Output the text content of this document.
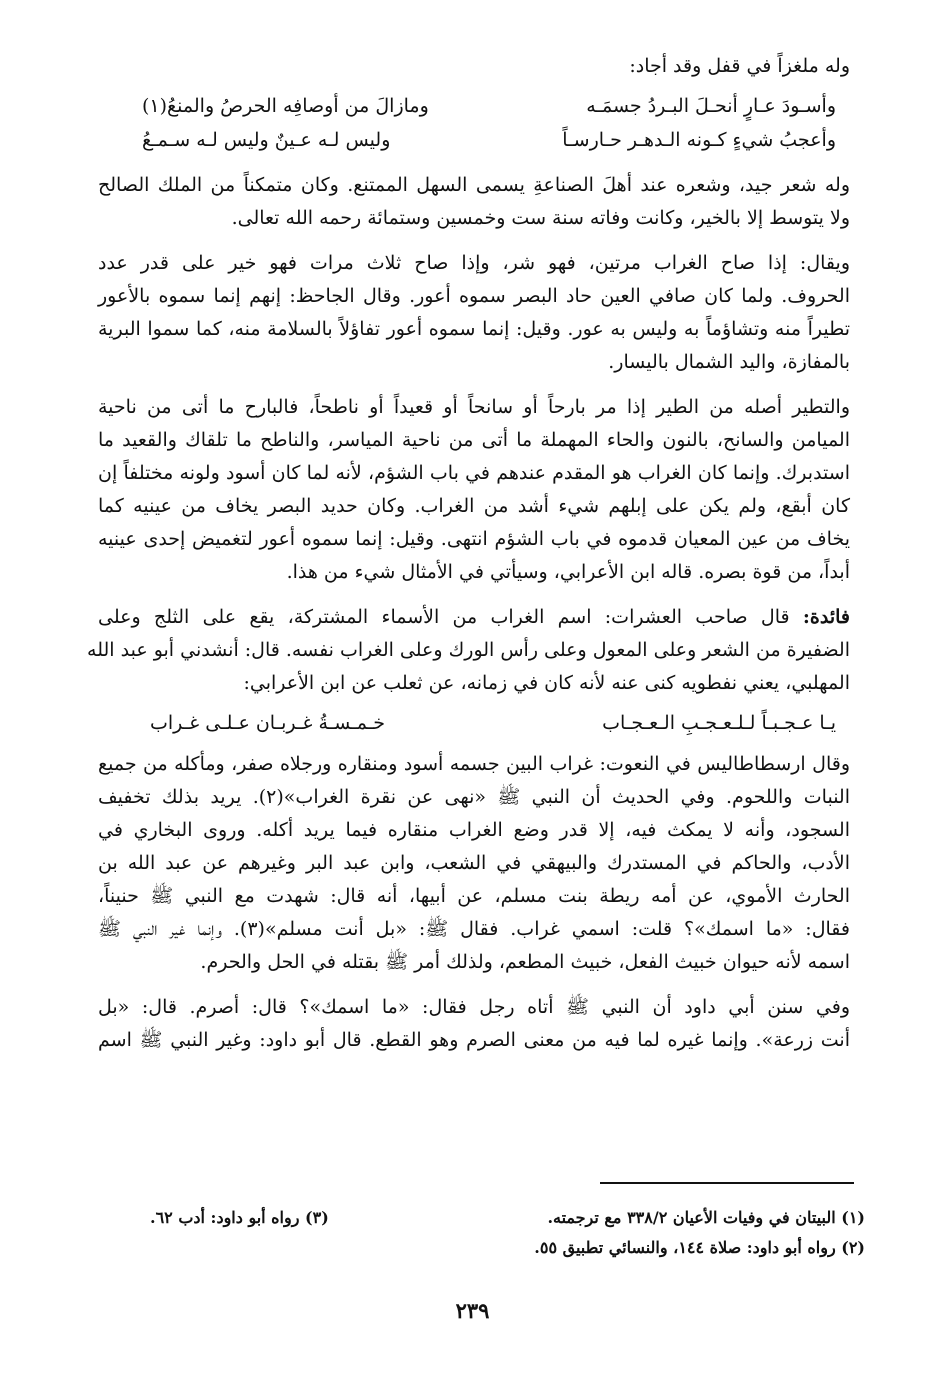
وله ملغزاً في قفل وقد أجاد:
وأسـودَ عـارٍ أنحـلَ البـردُ جسمَـه
ومازالَ من أوصافِه الحرصُ والمنعُ(١)
وأعجبُ شيءٍ كـونه الـدهـر حـارسـاً
وليس لـه عـينٌ وليس لـه سـمـعُ
وله شعر جيد، وشعره عند أهلَ الصناعةِ يسمى السهل الممتنع. وكان متمكناً من الملك الصالح
ولا يتوسط إلا بالخير، وكانت وفاته سنة ست وخمسين وستمائة رحمه الله تعالى.
ويقال: إذا صاح الغراب مرتين، فهو شر، وإذا صاح ثلاث مرات فهو خير على قدر عدد
الحروف. ولما كان صافي العين حاد البصر سموه أعور. وقال الجاحظ: إنهم إنما سموه بالأعور
تطيراً منه وتشاؤماً به وليس به عور. وقيل: إنما سموه أعور تفاؤلاً بالسلامة منه، كما سموا البرية
بالمفازة، واليد الشمال باليسار.
والتطير أصله من الطير إذا مر بارحاً أو سانحاً أو قعيداً أو ناطحاً، فالبارح ما أتى من ناحية
الميامن والسانح، بالنون والحاء المهملة ما أتى من ناحية المياسر، والناطح ما تلقاك والقعيد ما
استدبرك. وإنما كان الغراب هو المقدم عندهم في باب الشؤم، لأنه لما كان أسود ولونه مختلفاً إن
كان أبقع، ولم يكن على إبلهم شيء أشد من الغراب. وكان حديد البصر يخاف من عينيه كما
يخاف من عين المعيان قدموه في باب الشؤم انتهى. وقيل: إنما سموه أعور لتغميض إحدى عينيه
أبداً، من قوة بصره. قاله ابن الأعرابي، وسيأتي في الأمثال شيء من هذا.
فائدة: قال صاحب العشرات: اسم الغراب من الأسماء المشتركة، يقع على الثلج وعلى
الضفيرة من الشعر وعلى المعول وعلى رأس الورك وعلى الغراب نفسه. قال: أنشدني أبو عبد الله
المهلبي، يعني نفطويه كنى عنه لأنه كان في زمانه، عن ثعلب عن ابن الأعرابي:
يـا عـجـبـاً لـلـعـجـبِ الـعـجـاب
خـمـسـةُ غـربـان عـلـى غـراب
وقال ارسطاطاليس في النعوت: غراب البين جسمه أسود ومنقاره ورجلاه صفر، ومأكله من جميع
النبات واللحوم. وفي الحديث أن النبي ﷺ «نهى عن نقرة الغراب»(٢). يريد بذلك تخفيف
السجود، وأنه لا يمكث فيه، إلا قدر وضع الغراب منقاره فيما يريد أكله. وروى البخاري في
الأدب، والحاكم في المستدرك والبيهقي في الشعب، وابن عبد البر وغيرهم عن عبد الله بن
الحارث الأموي، عن أمه ريطة بنت مسلم، عن أبيها، أنه قال: شهدت مع النبي ﷺ حنيناً،
فقال: «ما اسمك»؟ قلت: اسمي غراب. فقال ﷺ: «بل أنت مسلم»(٣). وإنما غير النبي ﷺ
اسمه لأنه حيوان خبيث الفعل، خبيث المطعم، ولذلك أمر ﷺ بقتله في الحل والحرم.
وفي سنن أبي داود أن النبي ﷺ أتاه رجل فقال: «ما اسمك»؟ قال: أصرم. قال: «بل
أنت زرعة». وإنما غيره لما فيه من معنى الصرم وهو القطع. قال أبو داود: وغير النبي ﷺ اسم
(١) البيتان في وفيات الأعيان ٣٣٨/٢ مع ترجمته.
(٣) رواه أبو داود: أدب ٦٢.
(٢) رواه أبو داود: صلاة ١٤٤، والنسائي تطبيق ٥٥.
٢٣٩
